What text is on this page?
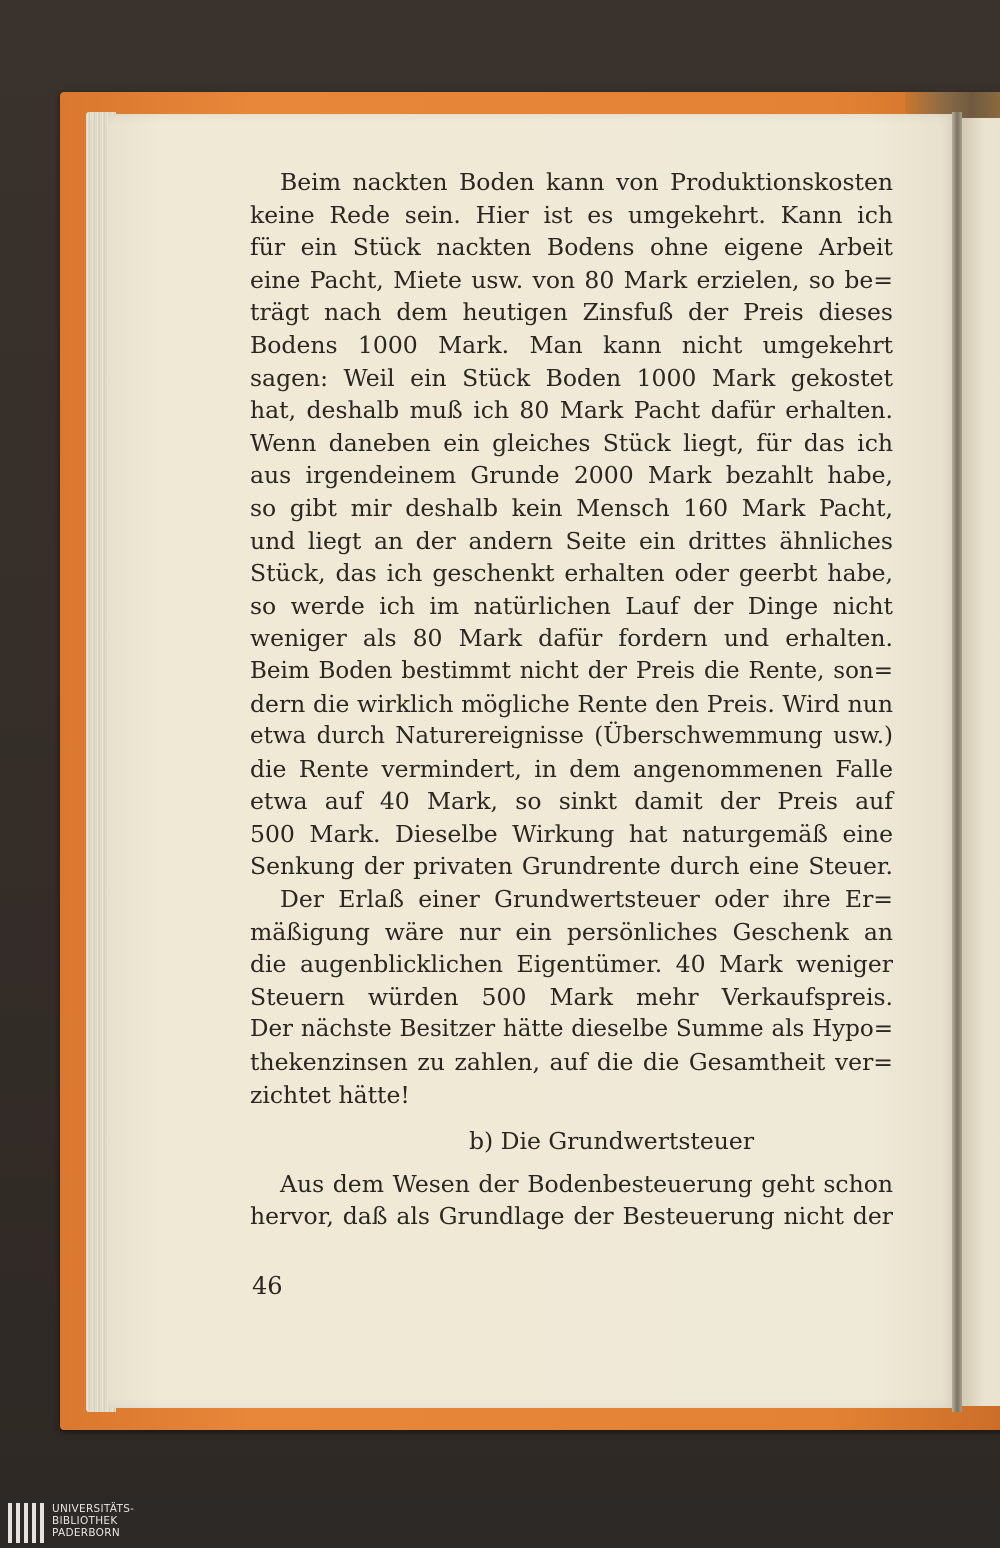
Beim nackten Boden kann von Produktionskosten
keine Rede sein. Hier ist es umgekehrt. Kann ich
für ein Stück nackten Bodens ohne eigene Arbeit
eine Pacht, Miete usw. von 80 Mark erzielen, so be=
trägt nach dem heutigen Zinsfuß der Preis dieses
Bodens 1000 Mark. Man kann nicht umgekehrt
sagen: Weil ein Stück Boden 1000 Mark gekostet
hat, deshalb muß ich 80 Mark Pacht dafür erhalten.
Wenn daneben ein gleiches Stück liegt, für das ich
aus irgendeinem Grunde 2000 Mark bezahlt habe,
so gibt mir deshalb kein Mensch 160 Mark Pacht,
und liegt an der andern Seite ein drittes ähnliches
Stück, das ich geschenkt erhalten oder geerbt habe,
so werde ich im natürlichen Lauf der Dinge nicht
weniger als 80 Mark dafür fordern und erhalten.
Beim Boden bestimmt nicht der Preis die Rente, son=
dern die wirklich mögliche Rente den Preis. Wird nun
etwa durch Naturereignisse (Überschwemmung usw.)
die Rente vermindert, in dem angenommenen Falle
etwa auf 40 Mark, so sinkt damit der Preis auf
500 Mark. Dieselbe Wirkung hat naturgemäß eine
Senkung der privaten Grundrente durch eine Steuer.
Der Erlaß einer Grundwertsteuer oder ihre Er=
mäßigung wäre nur ein persönliches Geschenk an
die augenblicklichen Eigentümer. 40 Mark weniger
Steuern würden 500 Mark mehr Verkaufspreis.
Der nächste Besitzer hätte dieselbe Summe als Hypo=
thekenzinsen zu zahlen, auf die die Gesamtheit ver=
zichtet hätte!
b) Die Grundwertsteuer
Aus dem Wesen der Bodenbesteuerung geht schon
hervor, daß als Grundlage der Besteuerung nicht der
46
UNIVERSITÄTS-
BIBLIOTHEK
PADERBORN
